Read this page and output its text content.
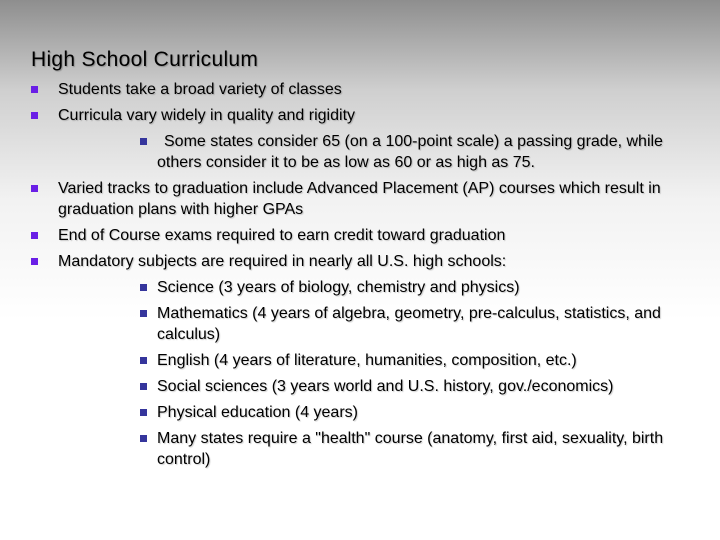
High School Curriculum
Students take a broad variety of classes
Curricula vary widely in quality and rigidity
Some states consider 65 (on a 100-point scale) a passing grade, while others consider it to be as low as 60 or as high as 75.
Varied tracks to graduation include Advanced Placement (AP) courses which result in graduation plans with higher GPAs
End of Course exams required to earn credit toward graduation
Mandatory subjects are required in nearly all U.S. high schools:
Science (3 years of biology, chemistry and physics)
Mathematics (4 years of algebra, geometry, pre-calculus, statistics, and calculus)
English (4 years of literature, humanities, composition, etc.)
Social sciences (3 years world and U.S. history, gov./economics)
Physical education (4 years)
Many states require a "health" course (anatomy, first aid, sexuality, birth control)
